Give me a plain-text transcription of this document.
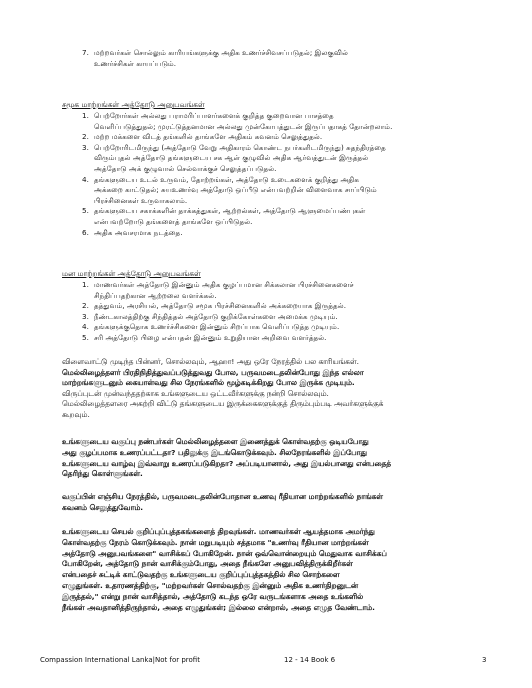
7. மற்றவர்கள் சொல்லும் காரியங்களுக்கு அதிக உணர்ச்சிவசப்படுதல்; இலகுவில்
உணர்ச்சிகள் காயப்படும்.
சமூக மாற்றங்கள் அத்தோடு அனுபவங்கள்
1. பெற்றோர்கள் அல்லது பராமரிப்பாளர்களைக் குறித்த குறைவான பாசத்தை
வெளிப்படுத்துதல்; முரட்டுத்தனமான அல்லது முன்கோபத்துடன் இருப்பதாகத் தோன்றலாம்.
2. மற்ற மக்களை விடத் தங்களில் தாங்களே அதிகம் கவனம் செலுத்துதல்.
3. பெற்றோரிடமிருந்து (அத்தோடு வேறு அதிகாரம் கொண்ட நபர்களிடமிருந்து) சுதந்திரத்தை
விரும்புதல் அத்தோடு தங்களுடைய சக ஆள் குழுவில் அதிக ஆர்வத்துடன் இருத்தல்
அத்தோடு அக் குழுவால் செல்வாக்குச் செலுத்தப்படுதல்.
4. தங்களுடைய உடல் உருவம், தோற்றங்கள், அத்தோடு உடைகளைக் குறித்து அதிக
அக்கறை காட்டுதல்; சுயஉணர்வு அத்தோடு ஒப்பீடு என்பவற்றின் விளைவாக சாப்பிடும்
பிரச்சினைகள் உருவாகலாம்.
5. தங்களுடைய சகாக்களின் தாக்கத்துகள், ஆற்றல்கள், அத்தோடு ஆளுமைப்பண்புகள்
என்பவற்றோடு தங்களைத் தாங்களே ஒப்பிடுதல்.
6. அதிக அவசரமாக நடத்தை.
மன மாற்றங்கள் அத்தோடு அனுபவங்கள்
1. மாணவர்கள் அத்தோடு இன்னும் அதிக குழப்பமான சிக்கலான பிரச்சினைகளைச்
சிந்திப்பதற்கான ஆற்றலை வளர்க்கல்.
2. தத்துவம், அரசியல், அத்தோடு சமூக பிரச்சினைகளில் அக்கறையாக இருத்தல்.
3. நீண்டகாலத்திற்கு சிந்தித்தல் அத்தோடு குறிக்கோள்களை அமைக்க முடியும்.
4. தங்களுக்குதொக உணர்ச்சிகளை இன்னும் சிறப்பாக வெளிப்படுத்த முடியும்.
5. சரி அத்தோடு பிழை என்பதன் இன்னும் உறுதியான அறிவை வளர்த்தல்.
விளைவாட்டு முடிந்த பின்னர், சொல்லவும், ஆஹா! அது ஒரே நேரத்தில் பல காரியங்கள்.
மெல்லிழைத்தளர் பிரதிநிதித்துவப்படுத்துவது போல, பருவமடைதலின்போது இந்த எல்லா
மாற்றங்களுடனும் கையாள்வது சில நேரங்களில் மூழ்கடிக்கிறது போல இருக்க முடியும்.
விருப்புடன் முன்வந்ததற்காக உங்களுடைய ஒட்டவீர்களுக்கு நன்றி சொல்லவும்.
மெல்லிழைத்தளரை அகற்றி விட்டு தங்களுடைய இருக்கைகளுக்குத் திரும்பும்படி அவர்களுக்குக்
கூறவும்.
உங்களுடைய வகுப்பு நண்பர்கள் மெல்லிழைத்தளை இணைத்துக் கொள்வதற்கு ஒடியபோது
அது குழப்பமாக உணரப்பட்டதா? பதிலுக்கு இடங்கொடுக்கவும். சிலநேரங்களில் இப்போது
உங்களுடைய வாழ்வு இவ்வாறு உணரப்படுகிறதா? அப்படியானால், அது இயல்பானது என்பதைத்
தெரிந்து கொள்ளுங்கள்.
வகுப்பின் எஞ்சிய நேரத்தில், பருவமடைதலின்போதான உணவு ரீதியான மாற்றங்களில் நாங்கள்
கவனம் செலுத்துவோம்.
உங்களுடைய செயல் குறிப்புப்புத்தகங்களைத் திறவுங்கள். மாணவர்கள் ஆயத்தமாக அமர்ந்து
கொள்வதற்கு நேரம் கொடுக்கவும். நான் மறுபடியும் சத்தமாக "உணர்வு ரீதியான மாற்றங்கள்
அத்தோடு அனுபவங்களை" வாசிக்கப் போகிறேன். நான் ஒவ்வொன்றையும் மெதுவாக வாசிக்கப்
போகிறேன், அத்தோடு நான் வாசிக்கும்போது, அதை நீங்களே அனுபவித்திருக்கிறீர்கள்
என்பதைச் சுட்டிக் காட்டுவதற்கு உங்களுடைய குறிப்புப்புத்தகத்தில் சில சொற்களை
எழுதுங்கள். உதாரணத்திற்கு, "மற்றவர்கள் சொல்வதற்கு இன்னும் அதிக உணர்திறனுடன்
இருத்தல்," என்று நான் வாசித்தால், அத்தோடு கடந்த ஒரே வருடங்களாக அதை உங்களில்
நீங்கள் அவதானித்திருந்தால், அதை எழுதுங்கள்; இல்லை என்றால், அதை எழுத வேண்டாம்.
Compassion International Lanka|Not for profit	12 - 14 Book 6	3
